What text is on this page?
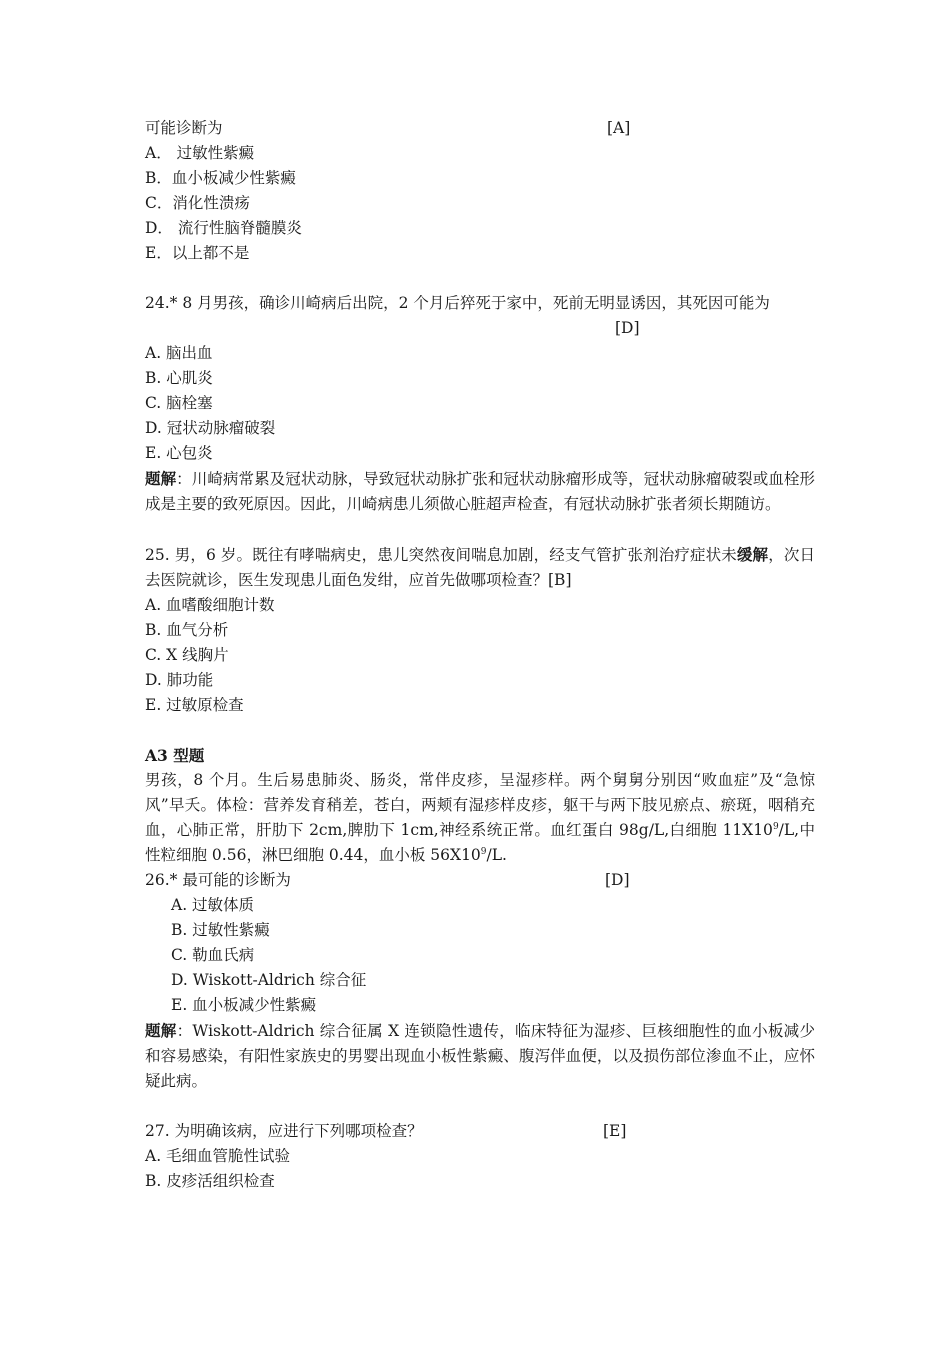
可能诊断为	[A]
A． 过敏性紫癜
B．血小板减少性紫癜
C．消化性溃疡
D． 流行性脑脊髓膜炎
E．以上都不是
24.* 8 月男孩，确诊川崎病后出院，2 个月后猝死于家中，死前无明显诱因，其死因可能为
[D]
A. 脑出血
B. 心肌炎
C. 脑栓塞
D. 冠状动脉瘤破裂
E. 心包炎
题解：川崎病常累及冠状动脉，导致冠状动脉扩张和冠状动脉瘤形成等，冠状动脉瘤破裂或血栓形成是主要的致死原因。因此，川崎病患儿须做心脏超声检查，有冠状动脉扩张者须长期随访。
25. 男，6 岁。既往有哮喘病史，患儿突然夜间喘息加剧，经支气管扩张剂治疗症状未缓解，次日去医院就诊，医生发现患儿面色发绀，应首先做哪项检查？[B]
A. 血嗜酸细胞计数
B. 血气分析
C. X 线胸片
D. 肺功能
E. 过敏原检查
A3 型题
男孩，8 个月。生后易患肺炎、肠炎，常伴皮疹，呈湿疹样。两个舅舅分别因“败血症”及“急惊风”早夭。体检：营养发育稍差，苍白，两颊有湿疹样皮疹，躯干与两下肢见瘀点、瘀斑，咽稍充血，心肺正常，肝肋下 2cm,脾肋下 1cm,神经系统正常。血红蛋白 98g/L,白细胞 $11X10^9/L$,中性粒细胞 0.56，淋巴细胞 0.44，血小板 $56X10^9/L$.
26.* 最可能的诊断为	[D]
A. 过敏体质
B. 过敏性紫癜
C. 勒血氏病
D. Wiskott-Aldrich 综合征
E. 血小板减少性紫癜
题解：Wiskott-Aldrich 综合征属 X 连锁隐性遗传，临床特征为湿疹、巨核细胞性的血小板减少和容易感染，有阳性家族史的男婴出现血小板性紫癜、腹泻伴血便，以及损伤部位渗血不止，应怀疑此病。
27. 为明确该病，应进行下列哪项检查？	[E]
A. 毛细血管脆性试验
B. 皮疹活组织检查
